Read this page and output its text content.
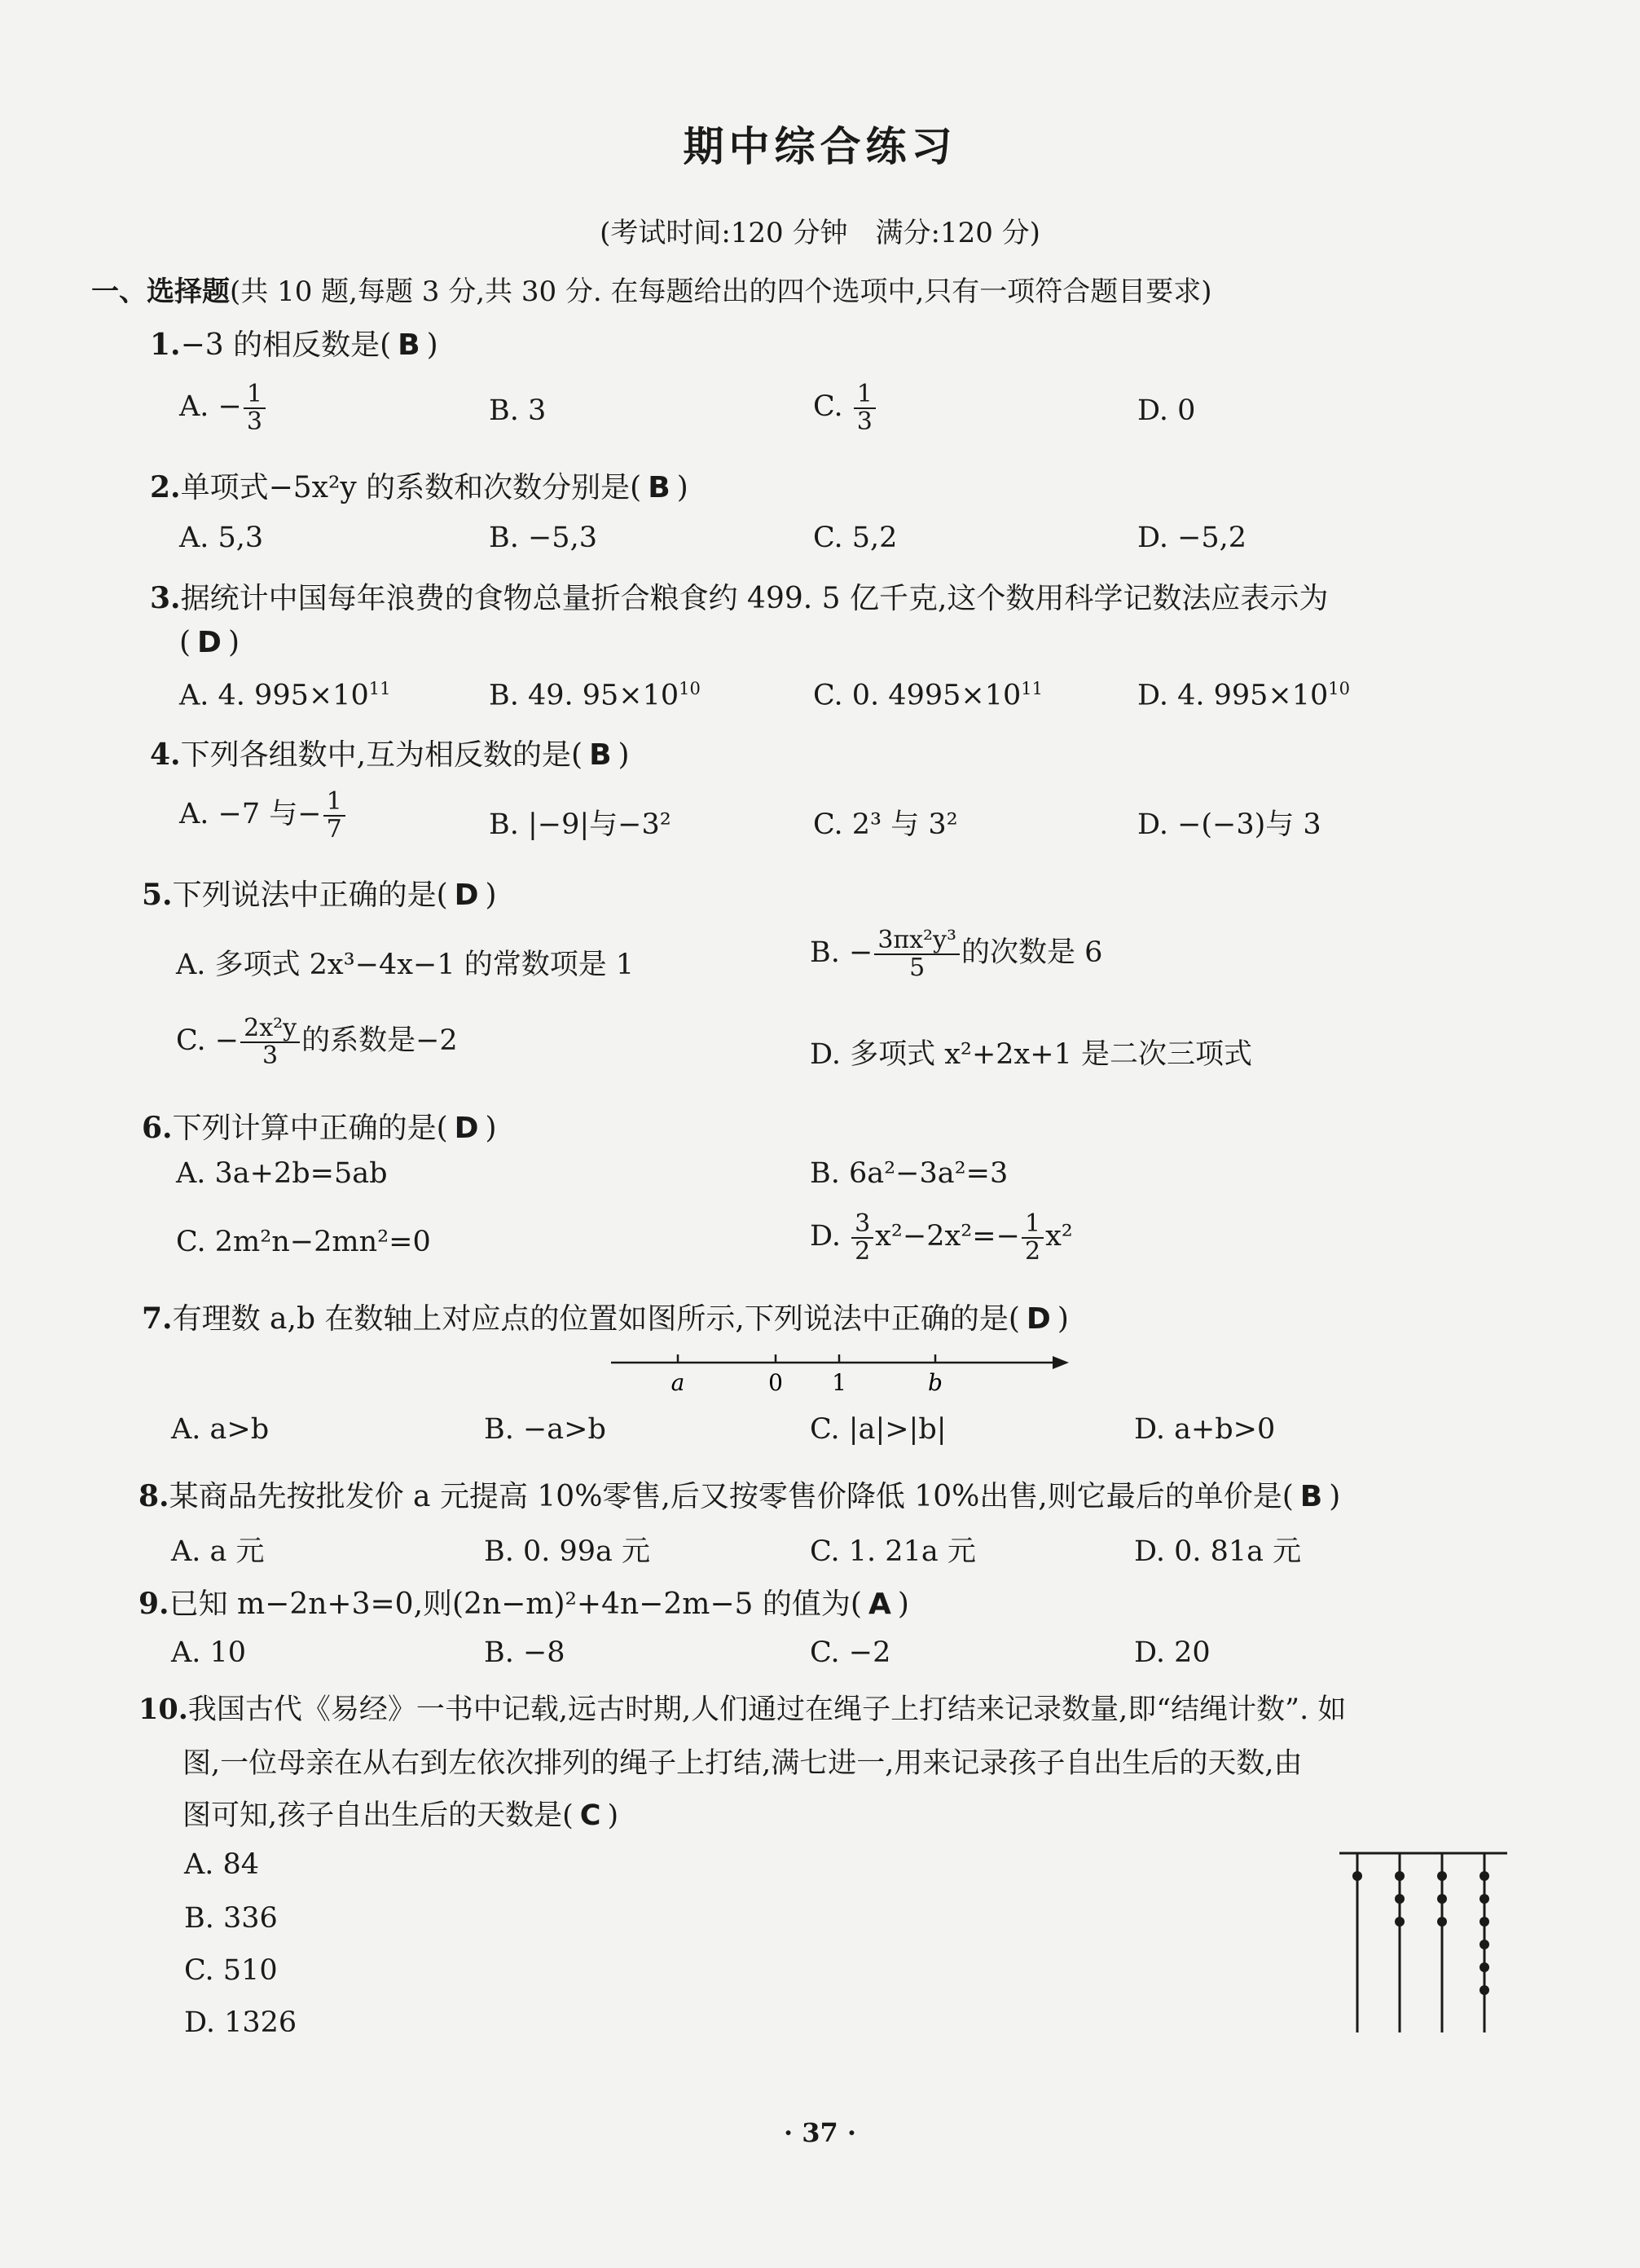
期中综合练习
(考试时间:120 分钟　满分:120 分)
一、选择题(共 10 题,每题 3 分,共 30 分. 在每题给出的四个选项中,只有一项符合题目要求)
1.−3 的相反数是( B )
A. − $\frac{1}{3}$	B. 3	C. $\frac{1}{3}$	D. 0
2.单项式−5x²y 的系数和次数分别是( B )
A. 5,3	B. −5,3	C. 5,2	D. −5,2
3.据统计中国每年浪费的食物总量折合粮食约 499. 5 亿千克,这个数用科学记数法应表示为
( D )
A. 4. $995\times 10^{11}$	B. 49. $95\times 10^{10}$	C. 0. $4995\times 10^{11}$	D. 4. $995\times 10^{10}$
4.下列各组数中,互为相反数的是( B )
A. −7 与− $\frac{1}{7}$	B. |−9|与−3²	C. 2³ 与 3²	D. −(−3)与 3
5.下列说法中正确的是( D )
A. 多项式 2x³−4x−1 的常数项是 1	B. − $\frac{\text{3πx²y³}}{5}$ 的次数是 6
C. − $\frac{\text{2x²y}}{3}$ 的系数是−2	D. 多项式 x²+2x+1 是二次三项式
6.下列计算中正确的是( D )
A. 3a+2b=5ab	B. 6a²−3a²=3
C. 2m²n−2mn²=0	D. $\frac{3}{2} x^2-2x^2=- \frac{1}{2} x^2$
7.有理数 a,b 在数轴上对应点的位置如图所示,下列说法中正确的是( D )
a	0 1	b
A. a>b	B. −a>b	C. |a|>|b|	D. a+b>0
8.某商品先按批发价 a 元提高 10%零售,后又按零售价降低 10%出售,则它最后的单价是( B )
A. a 元	B. 0. 99a 元	C. 1. 21a 元	D. 0. 81a 元
9.已知 m−2n+3=0,则(2n−m)²+4n−2m−5 的值为( A )
A. 10	B. −8	C. −2	D. 20
10.我国古代《易经》一书中记载,远古时期,人们通过在绳子上打结来记录数量,即“结绳计数”. 如
图,一位母亲在从右到左依次排列的绳子上打结,满七进一,用来记录孩子自出生后的天数,由
图可知,孩子自出生后的天数是( C )
A. 84
B. 336
C. 510
D. 1326
· 37 ·
